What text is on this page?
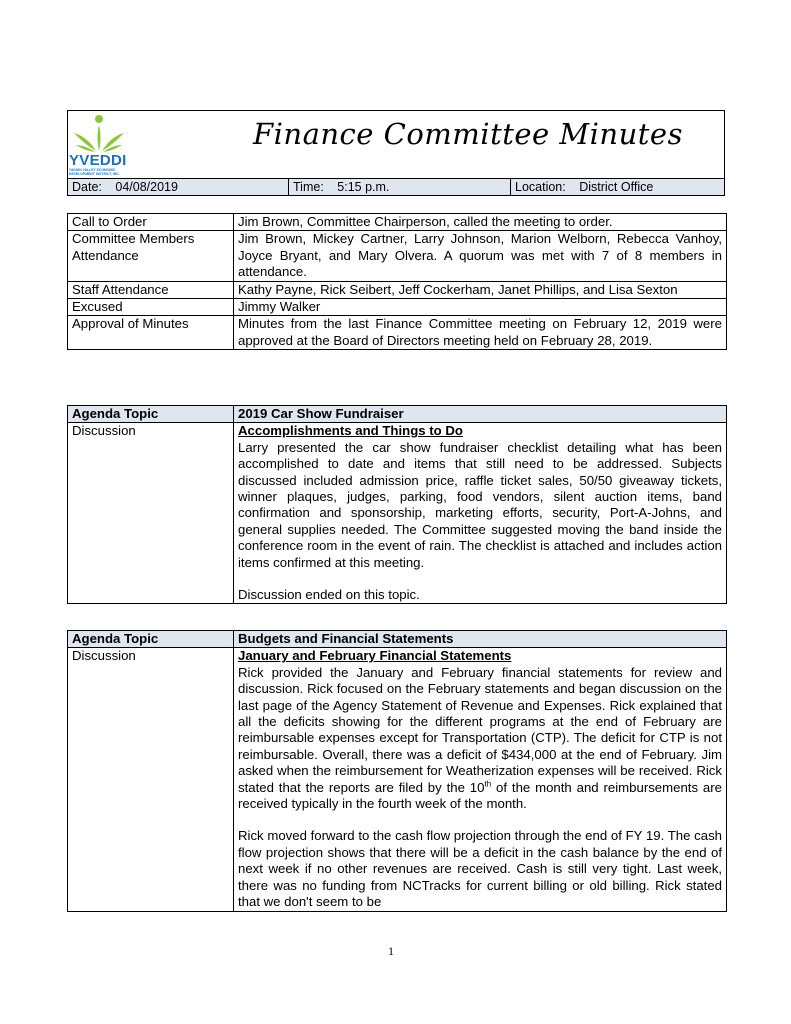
YVEDDI
YADKIN VALLEY ECONOMIC DEVELOPMENT DISTRICT, INC.
Finance Committee Minutes
Date: 04/08/2019	Time: 5:15 p.m.	Location: District Office
Call to Order	Jim Brown, Committee Chairperson, called the meeting to order.
Committee Members Attendance	Jim Brown, Mickey Cartner, Larry Johnson, Marion Welborn, Rebecca Vanhoy, Joyce Bryant, and Mary Olvera. A quorum was met with 7 of 8 members in attendance.
Staff Attendance	Kathy Payne, Rick Seibert, Jeff Cockerham, Janet Phillips, and Lisa Sexton
Excused	Jimmy Walker
Approval of Minutes	Minutes from the last Finance Committee meeting on February 12, 2019 were approved at the Board of Directors meeting held on February 28, 2019.
Agenda Topic	2019 Car Show Fundraiser
Discussion	Accomplishments and Things to Do
Larry presented the car show fundraiser checklist detailing what has been accomplished to date and items that still need to be addressed. Subjects discussed included admission price, raffle ticket sales, 50/50 giveaway tickets, winner plaques, judges, parking, food vendors, silent auction items, band confirmation and sponsorship, marketing efforts, security, Port-A-Johns, and general supplies needed. The Committee suggested moving the band inside the conference room in the event of rain. The checklist is attached and includes action items confirmed at this meeting.
Discussion ended on this topic.
Agenda Topic	Budgets and Financial Statements
Discussion	January and February Financial Statements
Rick provided the January and February financial statements for review and discussion. Rick focused on the February statements and began discussion on the last page of the Agency Statement of Revenue and Expenses. Rick explained that all the deficits showing for the different programs at the end of February are reimbursable expenses except for Transportation (CTP). The deficit for CTP is not reimbursable. Overall, there was a deficit of $434,000 at the end of February. Jim asked when the reimbursement for Weatherization expenses will be received. Rick stated that the reports are filed by the 10th of the month and reimbursements are received typically in the fourth week of the month.
Rick moved forward to the cash flow projection through the end of FY 19. The cash flow projection shows that there will be a deficit in the cash balance by the end of next week if no other revenues are received. Cash is still very tight. Last week, there was no funding from NCTracks for current billing or old billing. Rick stated that we don't seem to be
1
